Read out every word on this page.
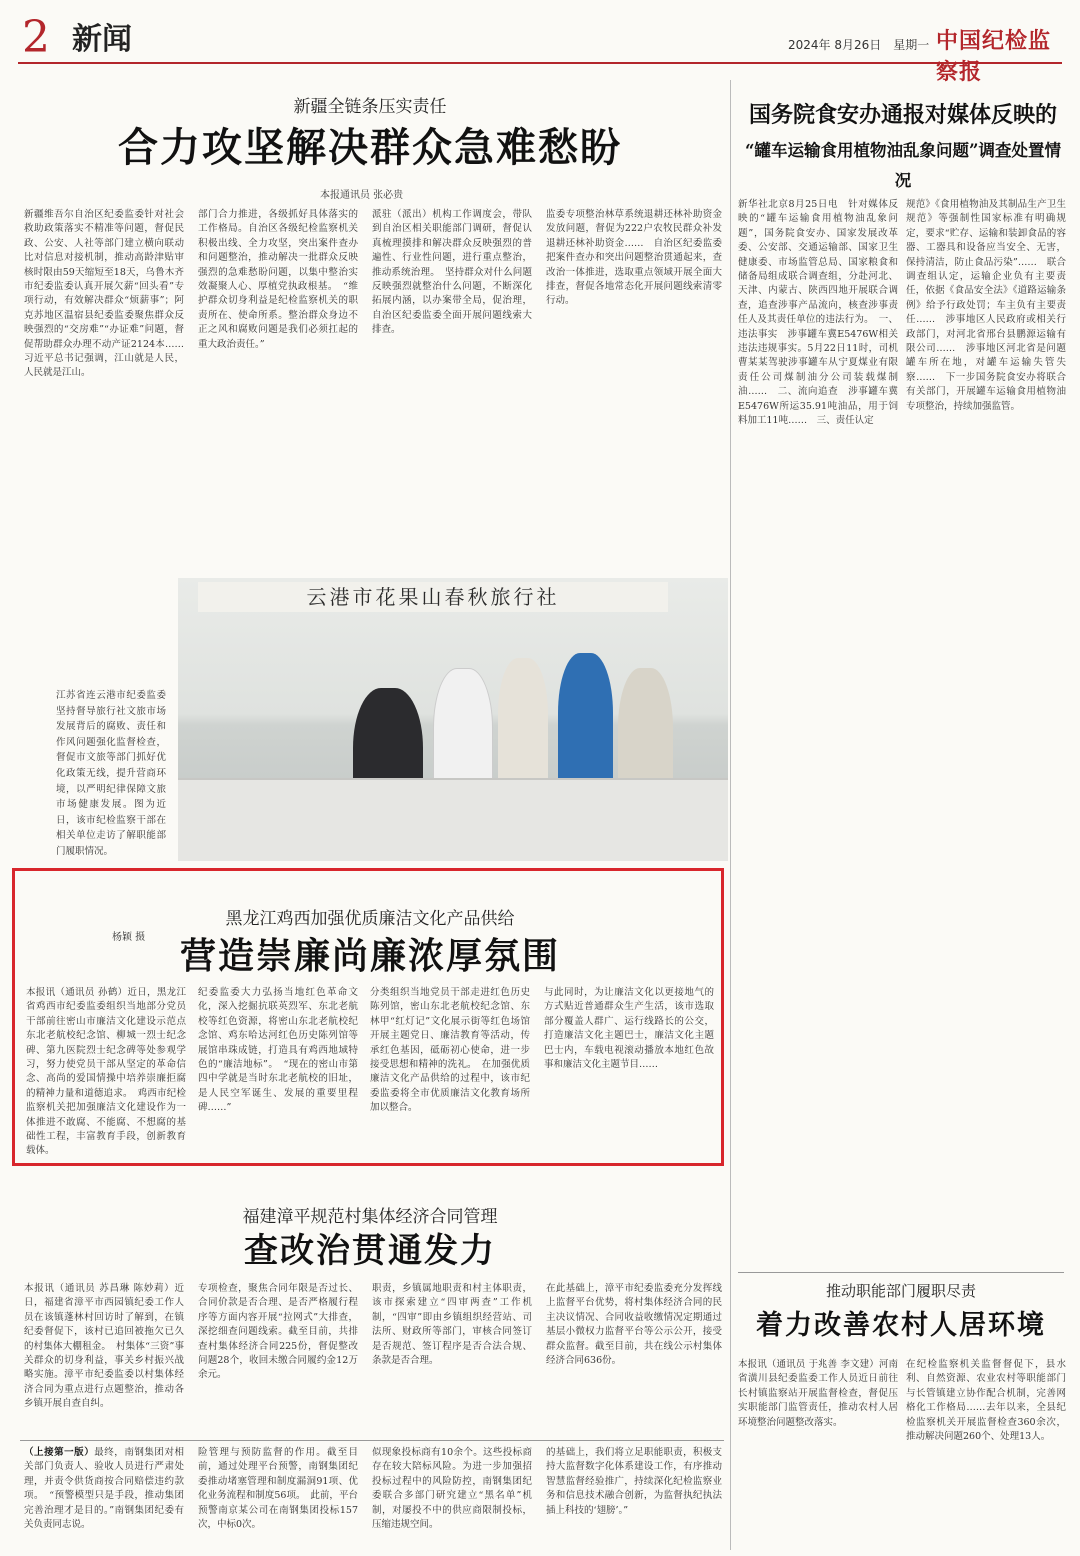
2 新闻	2024年 8月26日　星期一 中国纪检监察报
新疆全链条压实责任
合力攻坚解决群众急难愁盼
本报通讯员 张必贵
新疆维吾尔自治区纪委监委针对社会救助政策落实不精准等问题，督促民政、公安、人社等部门建立横向联动比对信息对接机制，推动高龄津贴审核时限由59天缩短至18天，乌鲁木齐市纪委监委认真开展欠薪“回头看”专项行动，有效解决群众“烦薪事”；阿克苏地区温宿县纪委监委聚焦群众反映强烈的“交房难”“办证难”问题，督促帮助群众办理不动产证2124本……　习近平总书记强调，江山就是人民，人民就是江山。
部门合力推进，各级抓好具体落实的工作格局。自治区各级纪检监察机关积极出线、全力攻坚，突出案件查办和问题整治，推动解决一批群众反映强烈的急难愁盼问题，以集中整治实效凝聚人心、厚植党执政根基。　“维护群众切身利益是纪检监察机关的职责所在、使命所系。整治群众身边不正之风和腐败问题是我们必须扛起的重大政治责任。”
派驻（派出）机构工作调度会，带队到自治区相关职能部门调研，督促认真梳理摸排和解决群众反映强烈的普遍性、行业性问题，进行重点整治，推动系统治理。　坚持群众对什么问题反映强烈就整治什么问题，不断深化拓展内涵，以办案带全局，促治理，自治区纪委监委全面开展问题线索大排查。
监委专项整治林草系统退耕还林补助资金发放问题，督促为222户农牧民群众补发退耕还林补助资金……　自治区纪委监委把案件查办和突出问题整治贯通起来，查改治一体推进，选取重点领域开展全面大排查，督促各地常态化开展问题线索清零行动。
国务院食安办通报对媒体反映的
“罐车运输食用植物油乱象问题”调查处置情况
新华社北京8月25日电　针对媒体反映的“罐车运输食用植物油乱象问题”，国务院食安办、国家发展改革委、公安部、交通运输部、国家卫生健康委、市场监管总局、国家粮食和储备局组成联合调查组，分赴河北、天津、内蒙古、陕西四地开展联合调查，追查涉事产品流向，核查涉事责任人及其责任单位的违法行为。　一、违法事实　涉事罐车冀E5476W相关违法违规事实。5月22日11时，司机曹某某驾驶涉事罐车从宁夏煤业有限责任公司煤制油分公司装载煤制油……　二、流向追查　涉事罐车冀E5476W所运35.91吨油品，用于饲料加工11吨……　三、责任认定
规范》《食用植物油及其制品生产卫生规范》等强制性国家标准有明确规定，要求“贮存、运输和装卸食品的容器、工器具和设备应当安全、无害，保持清洁，防止食品污染”……　联合调查组认定，运输企业负有主要责任，依据《食品安全法》《道路运输条例》给予行政处罚；车主负有主要责任……　涉事地区人民政府或相关行政部门，对河北省邢台县鹏源运输有限公司……　涉事地区河北省是问题罐车所在地，对罐车运输失管失察……　下一步国务院食安办将联合有关部门，开展罐车运输食用植物油专项整治，持续加强监管。
推动职能部门履职尽责
着力改善农村人居环境
本报讯（通讯员 于兆善 李文建）河南省潢川县纪委监委工作人员近日前往长村镇监察站开展监督检查，督促压实职能部门监管责任，推动农村人居环境整治问题整改落实。
在纪检监察机关监督督促下，县水利、自然资源、农业农村等职能部门与长管镇建立协作配合机制，完善网格化工作格局……去年以来，全县纪检监察机关开展监督检查360余次，推动解决问题260个、处理13人。
云港市花果山春秋旅行社
江苏省连云港市纪委监委坚持督导旅行社文旅市场发展背后的腐败、责任和作风问题强化监督检查，督促市文旅等部门抓好优化政策无线，提升营商环境，以严明纪律保障文旅市场健康发展。图为近日，该市纪检监察干部在相关单位走访了解职能部门履职情况。
杨颖 摄
黑龙江鸡西加强优质廉洁文化产品供给
营造崇廉尚廉浓厚氛围
本报讯（通讯员 孙鹤）近日，黑龙江省鸡西市纪委监委组织当地部分党员干部前往密山市廉洁文化建设示范点东北老航校纪念馆、柳城一烈士纪念碑、第九医院烈士纪念碑等处参观学习，努力使党员干部从坚定的革命信念、高尚的爱国情操中培养崇廉拒腐的精神力量和道德追求。　鸡西市纪检监察机关把加强廉洁文化建设作为一体推进不敢腐、不能腐、不想腐的基础性工程，丰富教育手段，创新教育载体。
纪委监委大力弘扬当地红色革命文化，深入挖掘抗联英烈军、东北老航校等红色资源，将密山东北老航校纪念馆、鸡东哈达河红色历史陈列馆等展馆串珠成链，打造具有鸡西地域特色的“廉洁地标”。　“现在的密山市第四中学就是当时东北老航校的旧址，是人民空军诞生、发展的重要里程碑……”
分类组织当地党员干部走进红色历史陈列馆，密山东北老航校纪念馆、东林甲“红灯记”文化展示街等红色场馆开展主题党日、廉洁教育等活动，传承红色基因，砥砺初心使命，进一步接受思想和精神的洗礼。　在加强优质廉洁文化产品供给的过程中，该市纪委监委将全市优质廉洁文化教育场所加以整合。
与此同时，为让廉洁文化以更接地气的方式贴近普通群众生产生活，该市选取部分覆盖人群广、运行线路长的公交，打造廉洁文化主题巴士，廉洁文化主题巴士内，车载电视滚动播放本地红色故事和廉洁文化主题节目……
福建漳平规范村集体经济合同管理
查改治贯通发力
本报讯（通讯员 苏昌琳 陈妙莉）近日，福建省漳平市西园镇纪委工作人员在该镇蓬林村回访时了解到，在镇纪委督促下，该村已追回被拖欠已久的村集体大棚租金。　村集体“三资”事关群众的切身利益，事关乡村振兴战略实施。漳平市纪委监委以村集体经济合同为重点进行点题整治，推动各乡镇开展自查自纠。
专项检查，聚焦合同年限是否过长、合同价款是否合理、是否严格履行程序等方面内容开展“拉网式”大排查，深挖细查问题线索。截至目前，共排查村集体经济合同225份，督促整改问题28个，收回未缴合同履约金12万余元。
职责，乡镇属地职责和村主体职责，该市探索建立“四审两查”工作机制，“四审”即由乡镇组织经营站、司法所、财政所等部门，审核合同签订是否规范、签订程序是否合法合规、条款是否合理。
在此基础上，漳平市纪委监委充分发挥线上监督平台优势，将村集体经济合同的民主决议情况、合同收益收缴情况定期通过基层小微权力监督平台等公示公开，接受群众监督。截至目前，共在线公示村集体经济合同636份。
（上接第一版）最终，南钢集团对相关部门负责人、验收人员进行严肃处理，并责令供货商按合同赔偿违约款项。　“预警模型只是手段，推动集团完善治理才是目的。”南钢集团纪委有关负责同志说。
险管理与预防监督的作用。截至目前，通过处理平台预警，南钢集团纪委推动堵塞管理和制度漏洞91项、优化业务流程和制度56项。　此前，平台预警南京某公司在南钢集团投标157次，中标0次。
似现象投标商有10余个。这些投标商存在较大陪标风险。为进一步加强招投标过程中的风险防控，南钢集团纪委联合多部门研究建立“黑名单”机制，对屡投不中的供应商限制投标，压缩违规空间。
的基础上，我们将立足职能职责，积极支持大监督数字化体系建设工作，有序推动智慧监督经验推广，持续深化纪检监察业务和信息技术融合创新，为监督执纪执法插上科技的‘翅膀’。”
